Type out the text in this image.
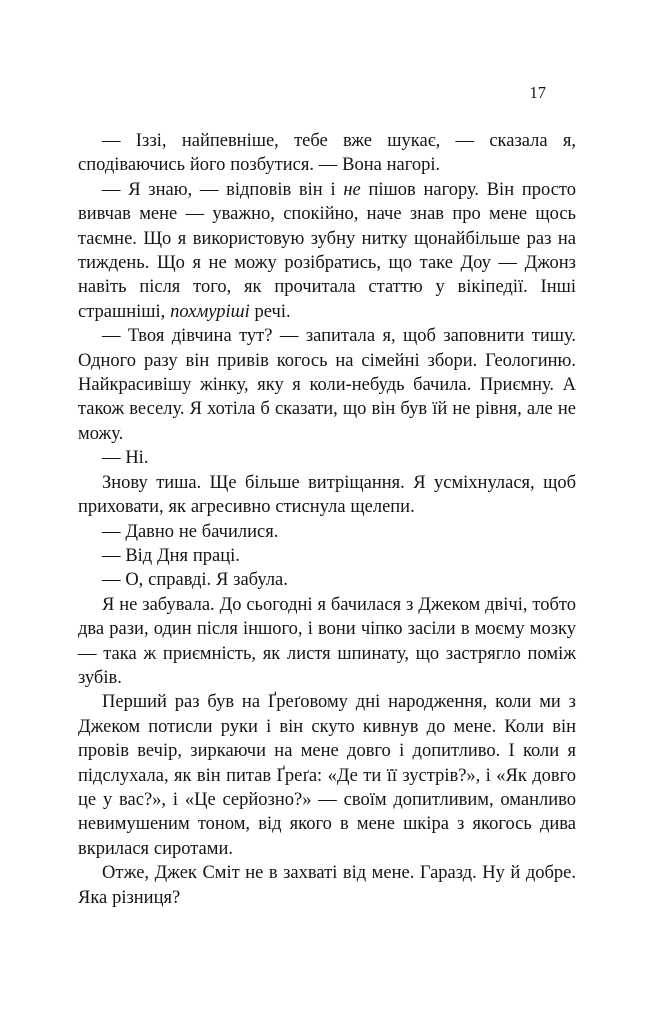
17

— Іззі, найпевніше, тебе вже шукає, — сказала я, сподіваючись його позбутися. — Вона нагорі.

— Я знаю, — відповів він і не пішов нагору. Він просто вивчав мене — уважно, спокійно, наче знав про мене щось таємне. Що я використовую зубну нитку щонайбільше раз на тиждень. Що я не можу розібратись, що таке Доу — Джонз навіть після того, як прочитала статтю у вікіпедії. Інші страшніші, похмуріші речі.

— Твоя дівчина тут? — запитала я, щоб заповнити тишу. Одного разу він привів когось на сімейні збори. Геологиню. Найкрасивішу жінку, яку я коли-небудь бачила. Приємну. А також веселу. Я хотіла б сказати, що він був їй не рівня, але не можу.

— Ні.

Знову тиша. Ще більше витріщання. Я усміхнулася, щоб приховати, як агресивно стиснула щелепи.

— Давно не бачилися.

— Від Дня праці.

— О, справді. Я забула.

Я не забувала. До сьогодні я бачилася з Джеком двічі, тобто два рази, один після іншого, і вони чіпко засіли в моєму мозку — така ж приємність, як листя шпинату, що застрягло поміж зубів.

Перший раз був на Ґреґовому дні народження, коли ми з Джеком потисли руки і він скуто кивнув до мене. Коли він провів вечір, зиркаючи на мене довго і допитливо. І коли я підслухала, як він питав Ґреґа: «Де ти її зустрів?», і «Як довго це у вас?», і «Це серйозно?» — своїм допитливим, оманливо невимушеним тоном, від якого в мене шкіра з якогось дива вкрилася сиротами.

Отже, Джек Сміт не в захваті від мене. Гаразд. Ну й добре. Яка різниця?
